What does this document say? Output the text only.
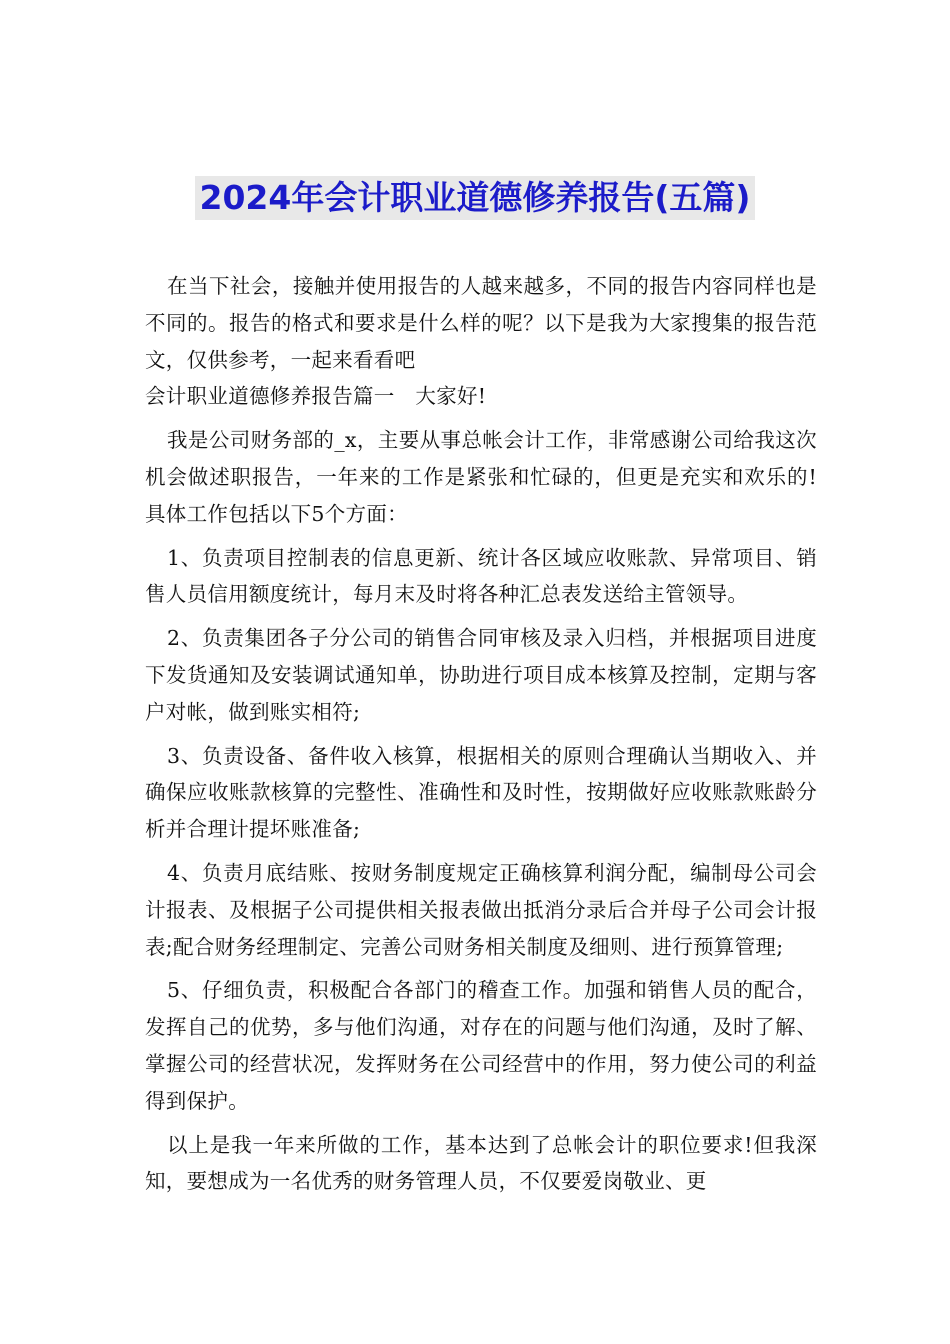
2024年会计职业道德修养报告(五篇)

在当下社会，接触并使用报告的人越来越多，不同的报告内容同样也是不同的。报告的格式和要求是什么样的呢？以下是我为大家搜集的报告范文，仅供参考，一起来看看吧

会计职业道德修养报告篇一　大家好!

我是公司财务部的_x，主要从事总帐会计工作，非常感谢公司给我这次机会做述职报告，一年来的工作是紧张和忙碌的，但更是充实和欢乐的!具体工作包括以下5个方面：

1、负责项目控制表的信息更新、统计各区域应收账款、异常项目、销售人员信用额度统计，每月末及时将各种汇总表发送给主管领导。

2、负责集团各子分公司的销售合同审核及录入归档，并根据项目进度下发货通知及安装调试通知单，协助进行项目成本核算及控制，定期与客户对帐，做到账实相符;

3、负责设备、备件收入核算，根据相关的原则合理确认当期收入、并确保应收账款核算的完整性、准确性和及时性，按期做好应收账款账龄分析并合理计提坏账准备;

4、负责月底结账、按财务制度规定正确核算利润分配，编制母公司会计报表、及根据子公司提供相关报表做出抵消分录后合并母子公司会计报表;配合财务经理制定、完善公司财务相关制度及细则、进行预算管理;

5、仔细负责，积极配合各部门的稽查工作。加强和销售人员的配合，发挥自己的优势，多与他们沟通，对存在的问题与他们沟通，及时了解、掌握公司的经营状况，发挥财务在公司经营中的作用，努力使公司的利益得到保护。

以上是我一年来所做的工作，基本达到了总帐会计的职位要求!但我深知，要想成为一名优秀的财务管理人员，不仅要爱岗敬业、更
